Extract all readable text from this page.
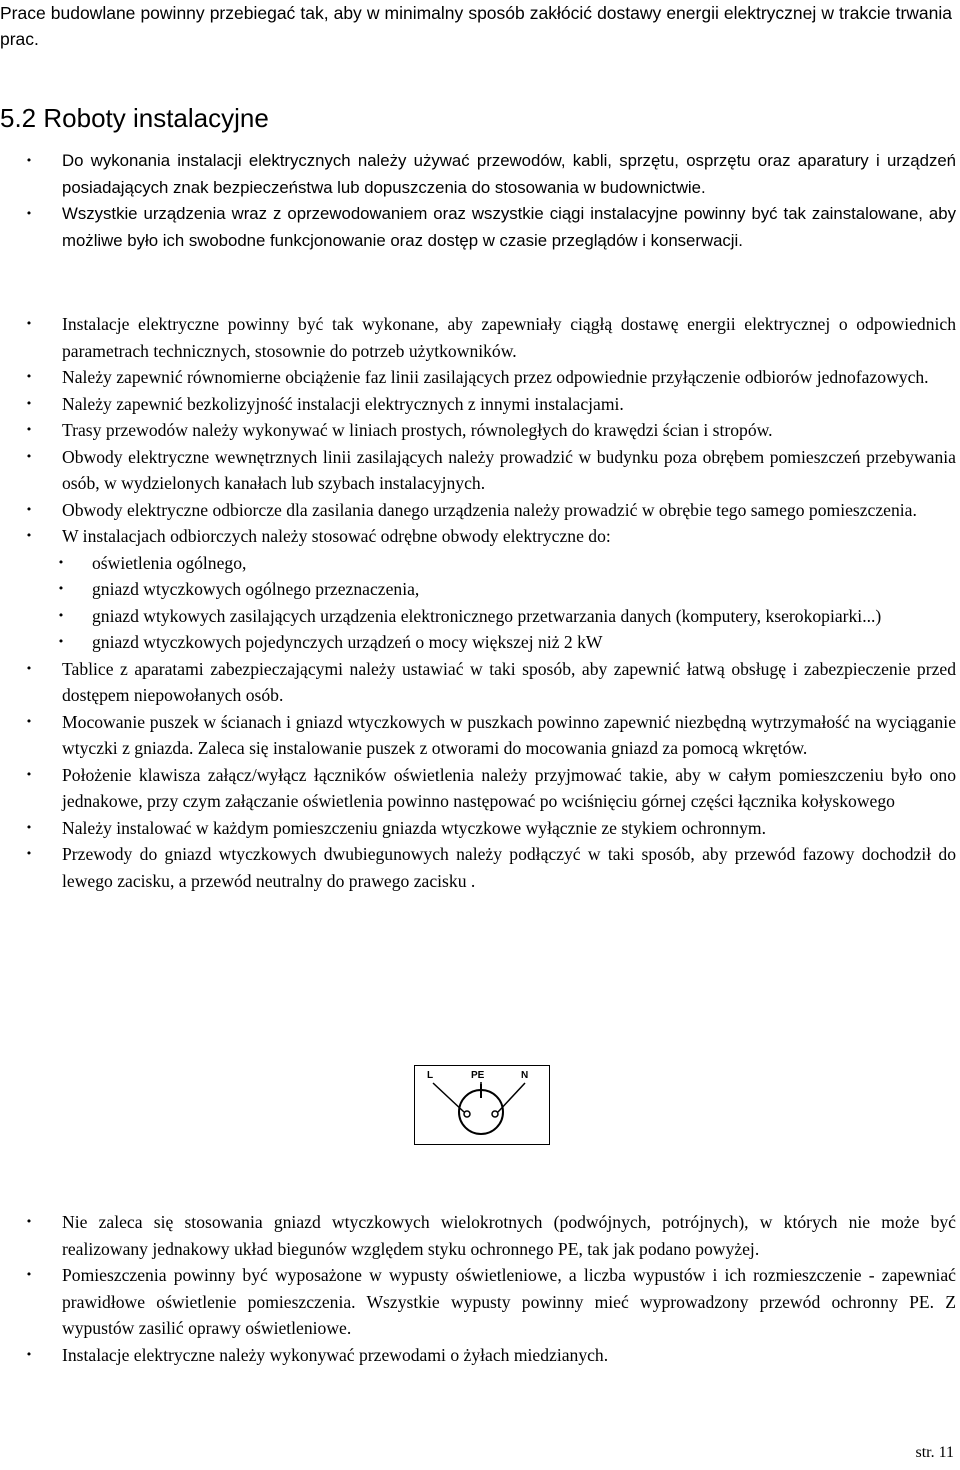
Prace budowlane powinny przebiegać tak, aby w minimalny sposób zakłócić dostawy energii elektrycznej w trakcie trwania prac.

5.2 Roboty instalacyjne
• Do wykonania instalacji elektrycznych należy używać przewodów, kabli, sprzętu, osprzętu oraz aparatury i urządzeń posiadających znak bezpieczeństwa lub dopuszczenia do stosowania w budownictwie.
• Wszystkie urządzenia wraz z oprzewodowaniem oraz wszystkie ciągi instalacyjne powinny być tak zainstalowane, aby możliwe było ich swobodne funkcjonowanie oraz dostęp w czasie przeglądów i konserwacji.
• Instalacje elektryczne powinny być tak wykonane, aby zapewniały ciągłą dostawę energii elektrycznej o odpowiednich parametrach technicznych, stosownie do potrzeb użytkowników.
• Należy zapewnić równomierne obciążenie faz linii zasilających przez odpowiednie przyłączenie odbiorów jednofazowych.
• Należy zapewnić bezkolizyjność instalacji elektrycznych z innymi instalacjami.
• Trasy przewodów należy wykonywać w liniach prostych, równoległych do krawędzi ścian i stropów.
• Obwody elektryczne wewnętrznych linii zasilających należy prowadzić w budynku poza obrębem pomieszczeń przebywania osób, w wydzielonych kanałach lub szybach instalacyjnych.
• Obwody elektryczne odbiorcze dla zasilania danego urządzenia należy prowadzić w obrębie tego samego pomieszczenia.
• W instalacjach odbiorczych należy stosować odrębne obwody elektryczne do:
• oświetlenia ogólnego,
• gniazd wtyczkowych ogólnego przeznaczenia,
• gniazd wtykowych zasilających urządzenia elektronicznego przetwarzania danych (komputery, kserokopiarki...)
• gniazd wtyczkowych pojedynczych urządzeń o mocy większej niż 2 kW
• Tablice z aparatami zabezpieczającymi należy ustawiać w taki sposób, aby zapewnić łatwą obsługę i zabezpieczenie przed dostępem niepowołanych osób.
• Mocowanie puszek w ścianach i gniazd wtyczkowych w puszkach powinno zapewnić niezbędną wytrzymałość na wyciąganie wtyczki z gniazda. Zaleca się instalowanie puszek z otworami do mocowania gniazd za pomocą wkrętów.
• Położenie klawisza załącz/wyłącz łączników oświetlenia należy przyjmować takie, aby w całym pomieszczeniu było ono jednakowe, przy czym załączanie oświetlenia powinno następować po wciśnięciu górnej części łącznika kołyskowego
• Należy instalować w każdym pomieszczeniu gniazda wtyczkowe wyłącznie ze stykiem ochronnym.
• Przewody do gniazd wtyczkowych dwubiegunowych należy podłączyć w taki sposób, aby przewód fazowy dochodził do lewego zacisku, a przewód neutralny do prawego zacisku .
L	PE	N
• Nie zaleca się stosowania gniazd wtyczkowych wielokrotnych (podwójnych, potrójnych), w których nie może być realizowany jednakowy układ biegunów względem styku ochronnego PE, tak jak podano powyżej.
• Pomieszczenia powinny być wyposażone w wypusty oświetleniowe, a liczba wypustów i ich rozmieszczenie - zapewniać prawidłowe oświetlenie pomieszczenia. Wszystkie wypusty powinny mieć wyprowadzony przewód ochronny PE. Z wypustów zasilić oprawy oświetleniowe.
• Instalacje elektryczne należy wykonywać przewodami o żyłach miedzianych.
str. 11
